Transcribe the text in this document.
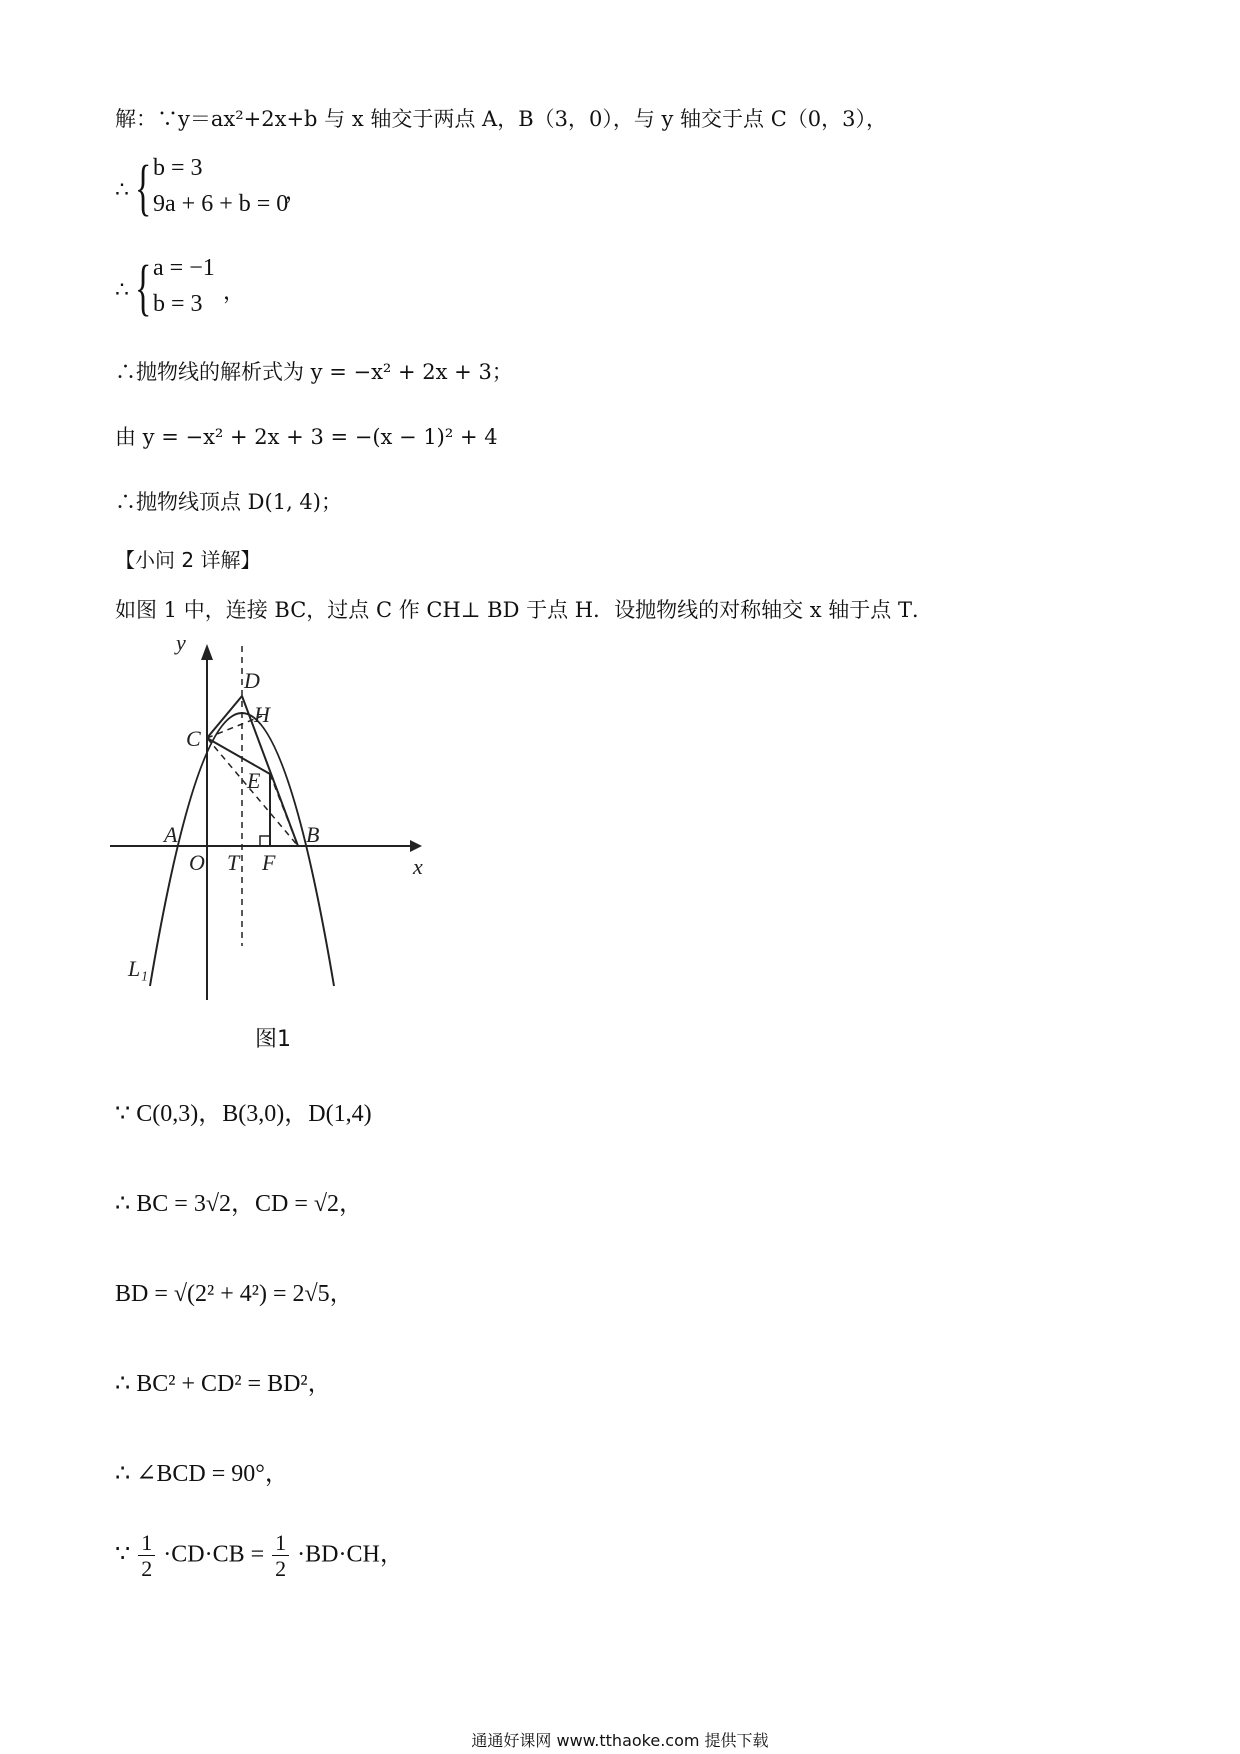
解：∵y＝ax²+2x+b 与 x 轴交于两点 A，B（3，0），与 y 轴交于点 C（0，3），
∴ { b = 3
9a + 6 + b = 0
，
∴ { a = −1
b = 3 ，
∴抛物线的解析式为 y = −x² + 2x + 3；
由 y = −x² + 2x + 3 = −(x − 1)² + 4
∴抛物线顶点 D(1, 4)；
【小问 2 详解】
如图 1 中，连接 BC，过点 C 作 CH⊥ BD 于点 H．设抛物线的对称轴交 x 轴于点 T．
y
x
D
H
C
E
A	B
O T F
L₁
图1
∵ C(0,3)，B(3,0)，D(1,4)
∴ BC = 3√2，CD = √2，
BD = √(2² + 4²) = 2√5，
∴ BC² + CD² = BD²，
∴ ∠BCD = 90°，
∵ $\frac{1}{2} \cdot CD\cdot CB = \frac{1}{2} \cdot BD\cdot CH$，
通通好课网 www.tthaoke.com 提供下载
